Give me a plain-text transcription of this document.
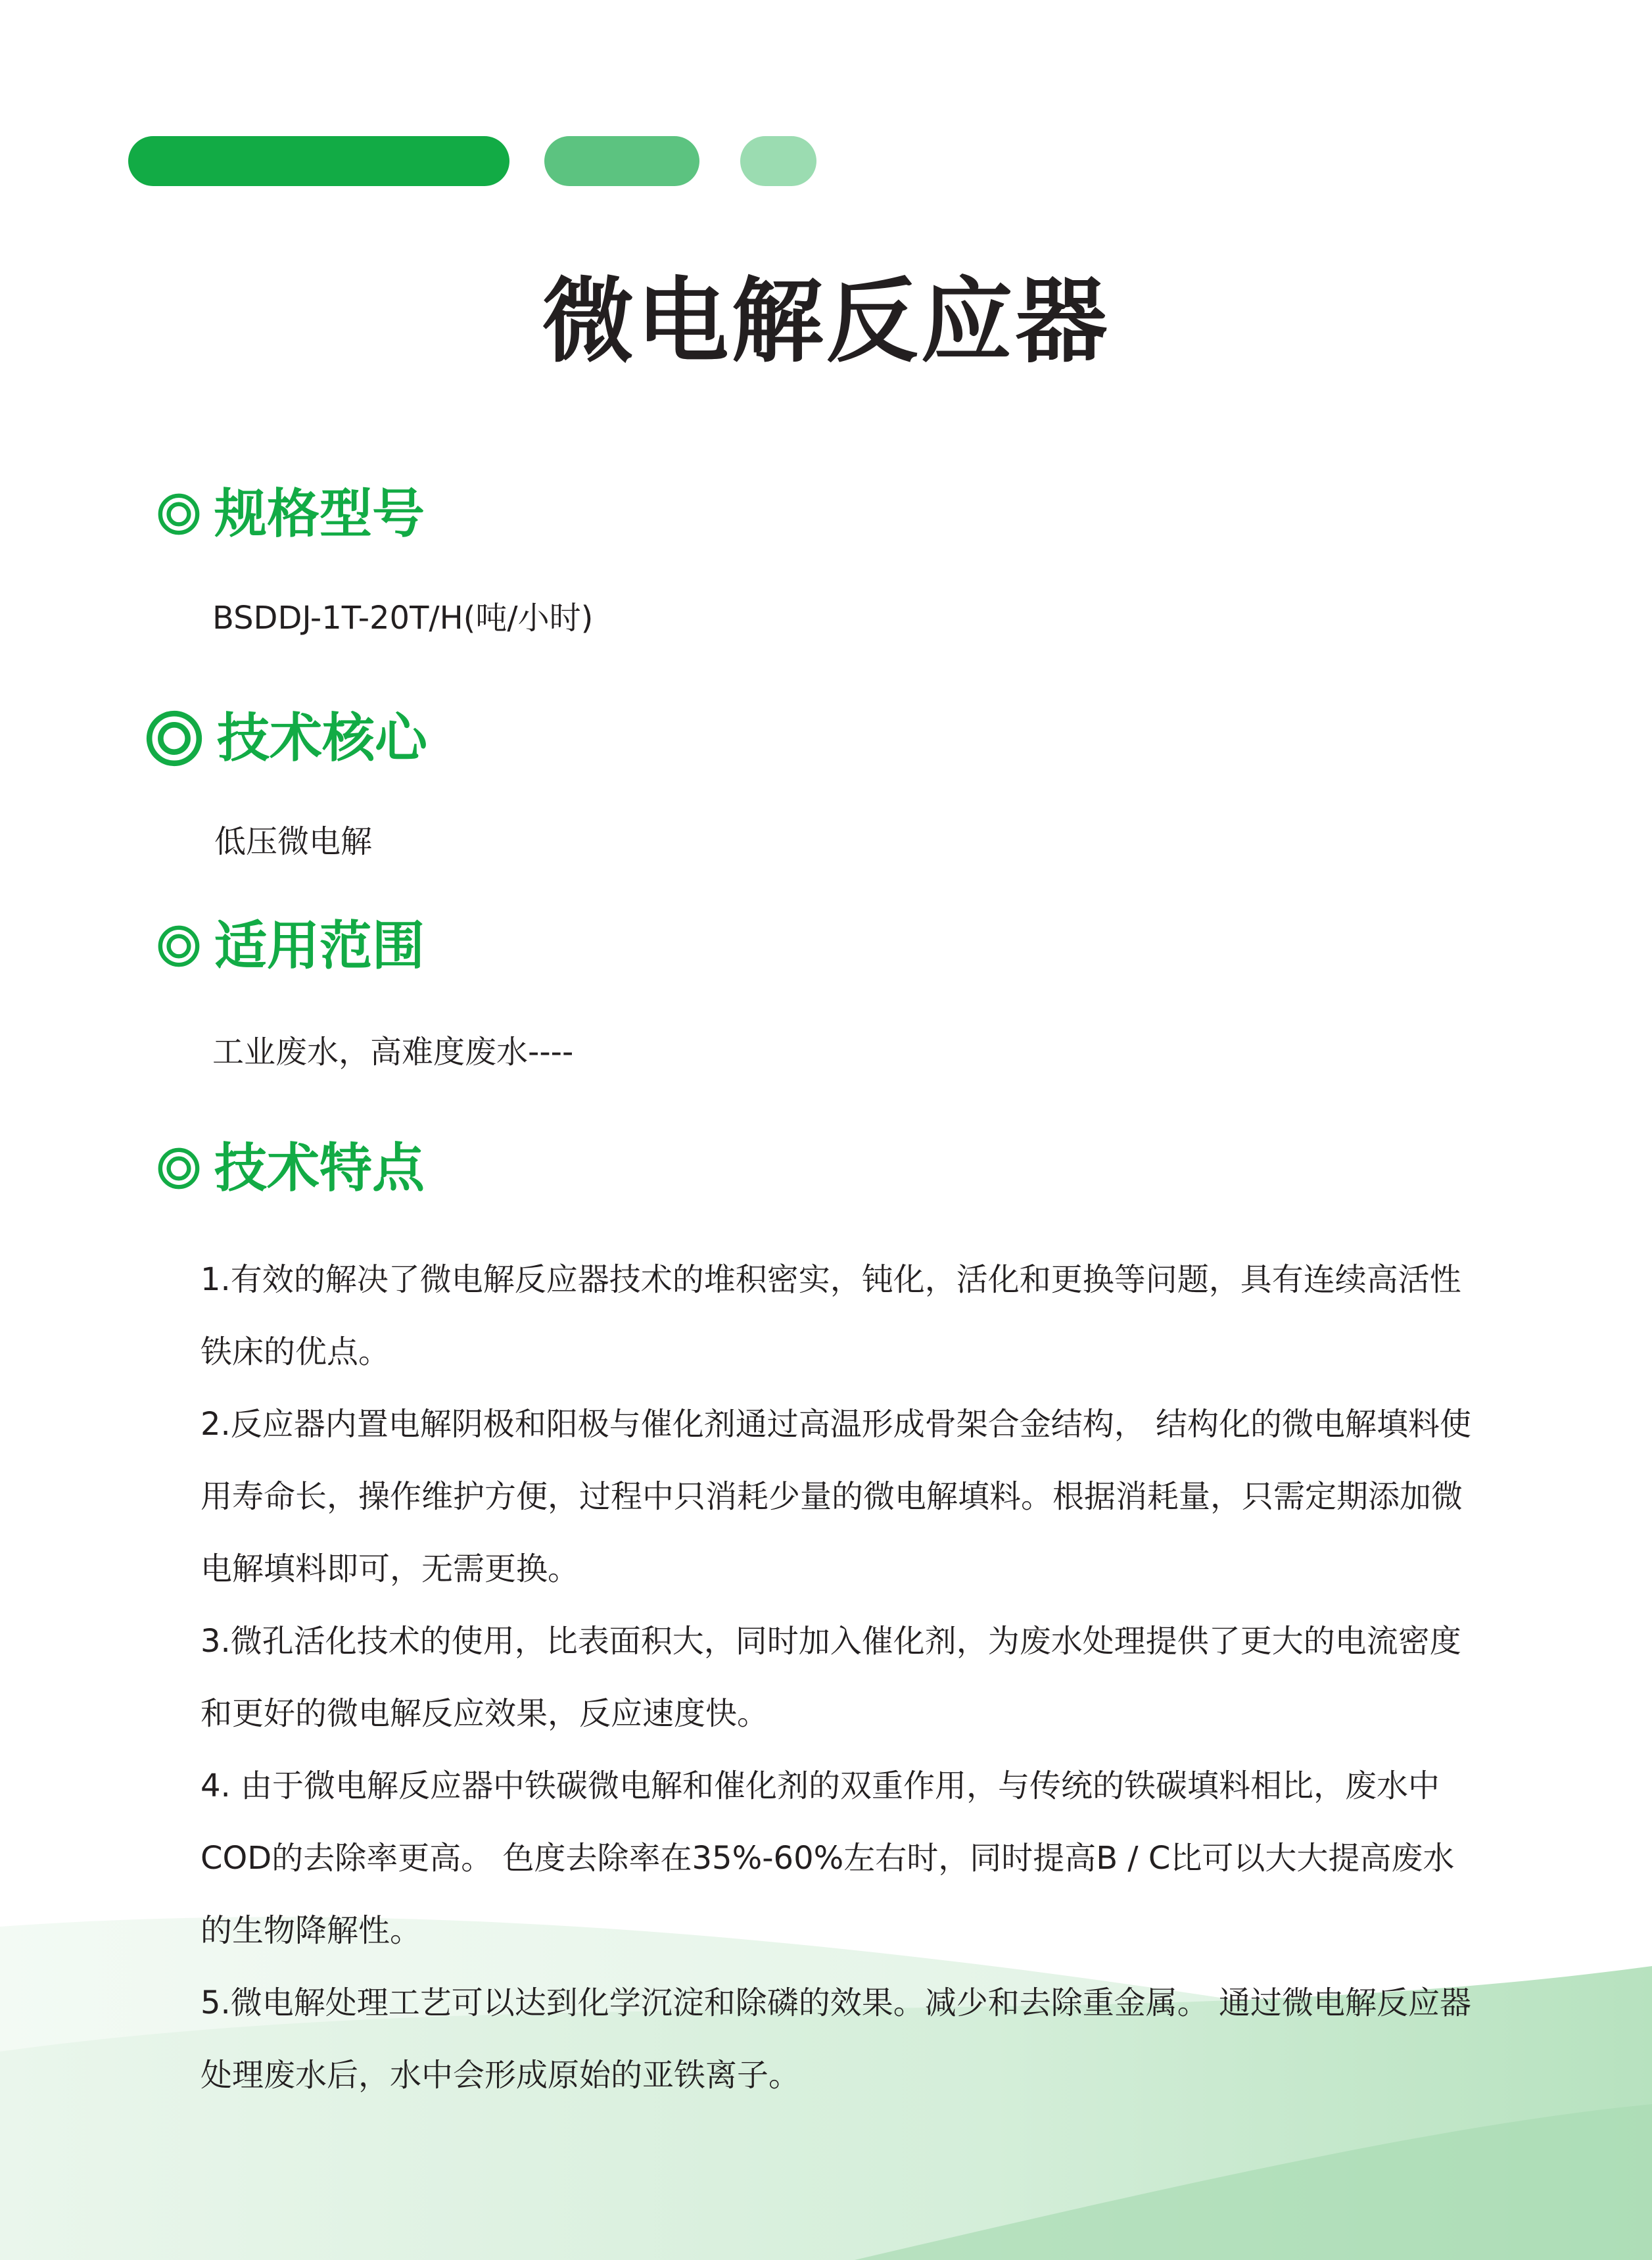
微电解反应器
规格型号
BSDDJ-1T-20T/H(吨/小时)
技术核心
低压微电解
适用范围
工业废水，高难度废水----
技术特点
1.有效的解决了微电解反应器技术的堆积密实，钝化，活化和更换等问题，具有连续高活性
铁床的优点。
2.反应器内置电解阴极和阳极与催化剂通过高温形成骨架合金结构， 结构化的微电解填料使
用寿命长，操作维护方便，过程中只消耗少量的微电解填料。根据消耗量，只需定期添加微
电解填料即可，无需更换。
3.微孔活化技术的使用，比表面积大，同时加入催化剂，为废水处理提供了更大的电流密度
和更好的微电解反应效果，反应速度快。
4. 由于微电解反应器中铁碳微电解和催化剂的双重作用，与传统的铁碳填料相比，废水中
COD的去除率更高。 色度去除率在35%-60%左右时，同时提高B / C比可以大大提高废水
的生物降解性。
5.微电解处理工艺可以达到化学沉淀和除磷的效果。减少和去除重金属。 通过微电解反应器
处理废水后，水中会形成原始的亚铁离子。
